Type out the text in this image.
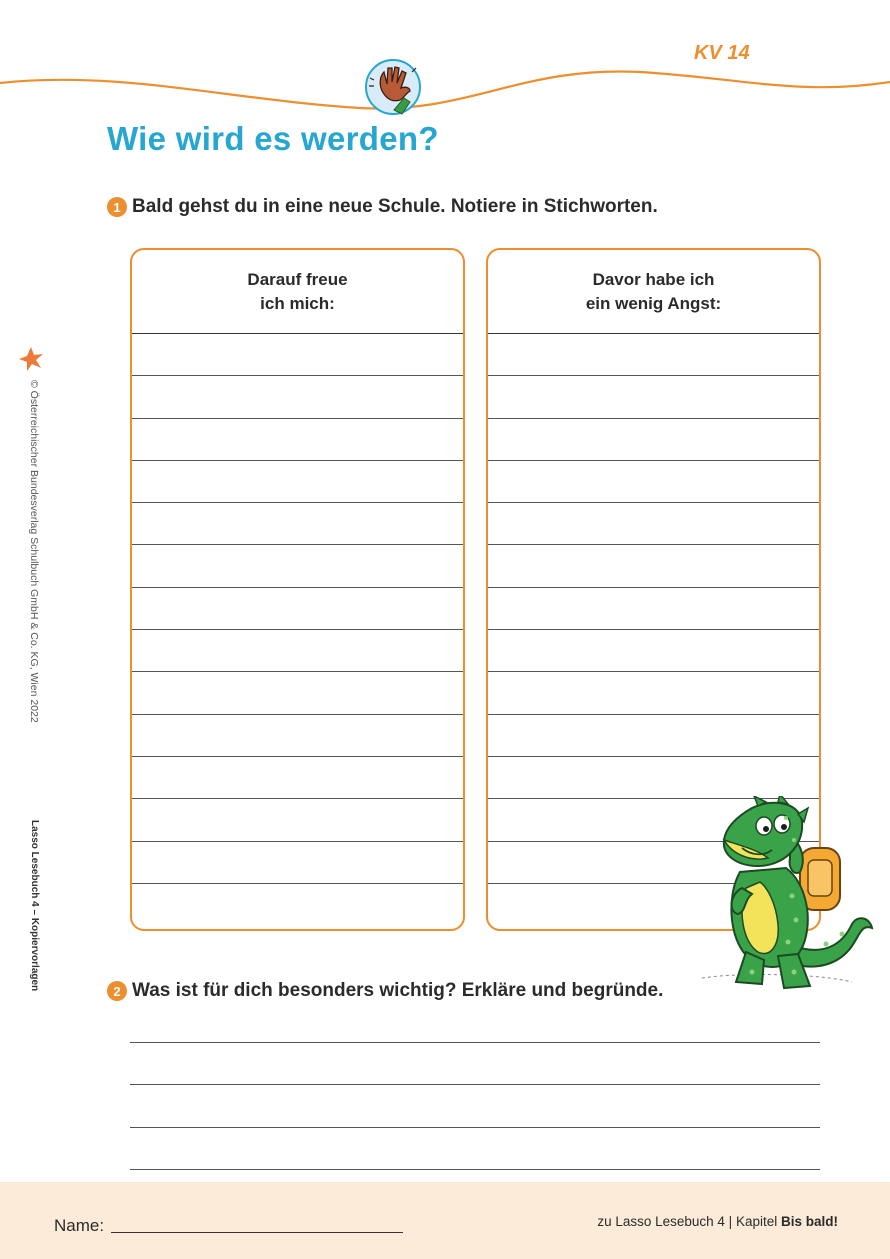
KV 14
Wie wird es werden?
1 Bald gehst du in eine neue Schule. Notiere in Stichworten.
Darauf freue
ich mich:
Davor habe ich
ein wenig Angst:
2 Was ist für dich besonders wichtig? Erkläre und begründe.
© Österreichischer Bundesverlag Schulbuch GmbH & Co. KG, Wien 2022
Lasso Lesebuch 4 – Kopiervorlagen
Name:	zu Lasso Lesebuch 4 | Kapitel Bis bald!
